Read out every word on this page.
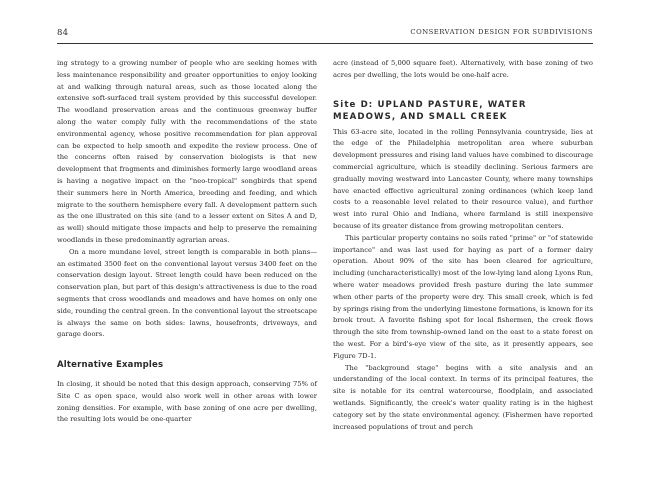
84	CONSERVATION DESIGN FOR SUBDIVISIONS

ing strategy to a growing number of people who are seeking homes with less maintenance responsibility and greater opportunities to enjoy looking at and walking through natural areas, such as those located along the extensive soft-surfaced trail system provided by this successful developer. The woodland preservation areas and the continuous greenway buffer along the water comply fully with the recommendations of the state environmental agency, whose positive recommendation for plan approval can be expected to help smooth and expedite the review process. One of the concerns often raised by conservation biologists is that new development that fragments and diminishes formerly large woodland areas is having a negative impact on the "neo-tropical" songbirds that spend their summers here in North America, breeding and feeding, and which migrate to the southern hemisphere every fall. A development pattern such as the one illustrated on this site (and to a lesser extent on Sites A and D, as well) should mitigate those impacts and help to preserve the remaining woodlands in these predominantly agrarian areas.

On a more mundane level, street length is comparable in both plans—an estimated 3500 feet on the conventional layout versus 3400 feet on the conservation design layout. Street length could have been reduced on the conservation plan, but part of this design's attractiveness is due to the road segments that cross woodlands and meadows and have homes on only one side, rounding the central green. In the conventional layout the streetscape is always the same on both sides: lawns, housefronts, driveways, and garage doors.

Alternative Examples

In closing, it should be noted that this design approach, conserving 75% of Site C as open space, would also work well in other areas with lower zoning densities. For example, with base zoning of one acre per dwelling, the resulting lots would be one-quarter

acre (instead of 5,000 square feet). Alternatively, with base zoning of two acres per dwelling, the lots would be one-half acre.

Site D: UPLAND PASTURE, WATER
MEADOWS, AND SMALL CREEK

This 63-acre site, located in the rolling Pennsylvania countryside, lies at the edge of the Philadelphia metropolitan area where suburban development pressures and rising land values have combined to discourage commercial agriculture, which is steadily declining. Serious farmers are gradually moving westward into Lancaster County, where many townships have enacted effective agricultural zoning ordinances (which keep land costs to a reasonable level related to their resource value), and further west into rural Ohio and Indiana, where farmland is still inexpensive because of its greater distance from growing metropolitan centers.

This particular property contains no soils rated "prime" or "of statewide importance" and was last used for haying as part of a former dairy operation. About 90% of the site has been cleared for agriculture, including (uncharacteristically) most of the low-lying land along Lyons Run, where water meadows provided fresh pasture during the late summer when other parts of the property were dry. This small creek, which is fed by springs rising from the underlying limestone formations, is known for its brook trout. A favorite fishing spot for local fishermen, the creek flows through the site from township-owned land on the east to a state forest on the west. For a bird's-eye view of the site, as it presently appears, see Figure 7D-1.

The "background stage" begins with a site analysis and an understanding of the local context. In terms of its principal features, the site is notable for its central watercourse, floodplain, and associated wetlands. Significantly, the creek's water quality rating is in the highest category set by the state environmental agency. (Fishermen have reported increased populations of trout and perch
